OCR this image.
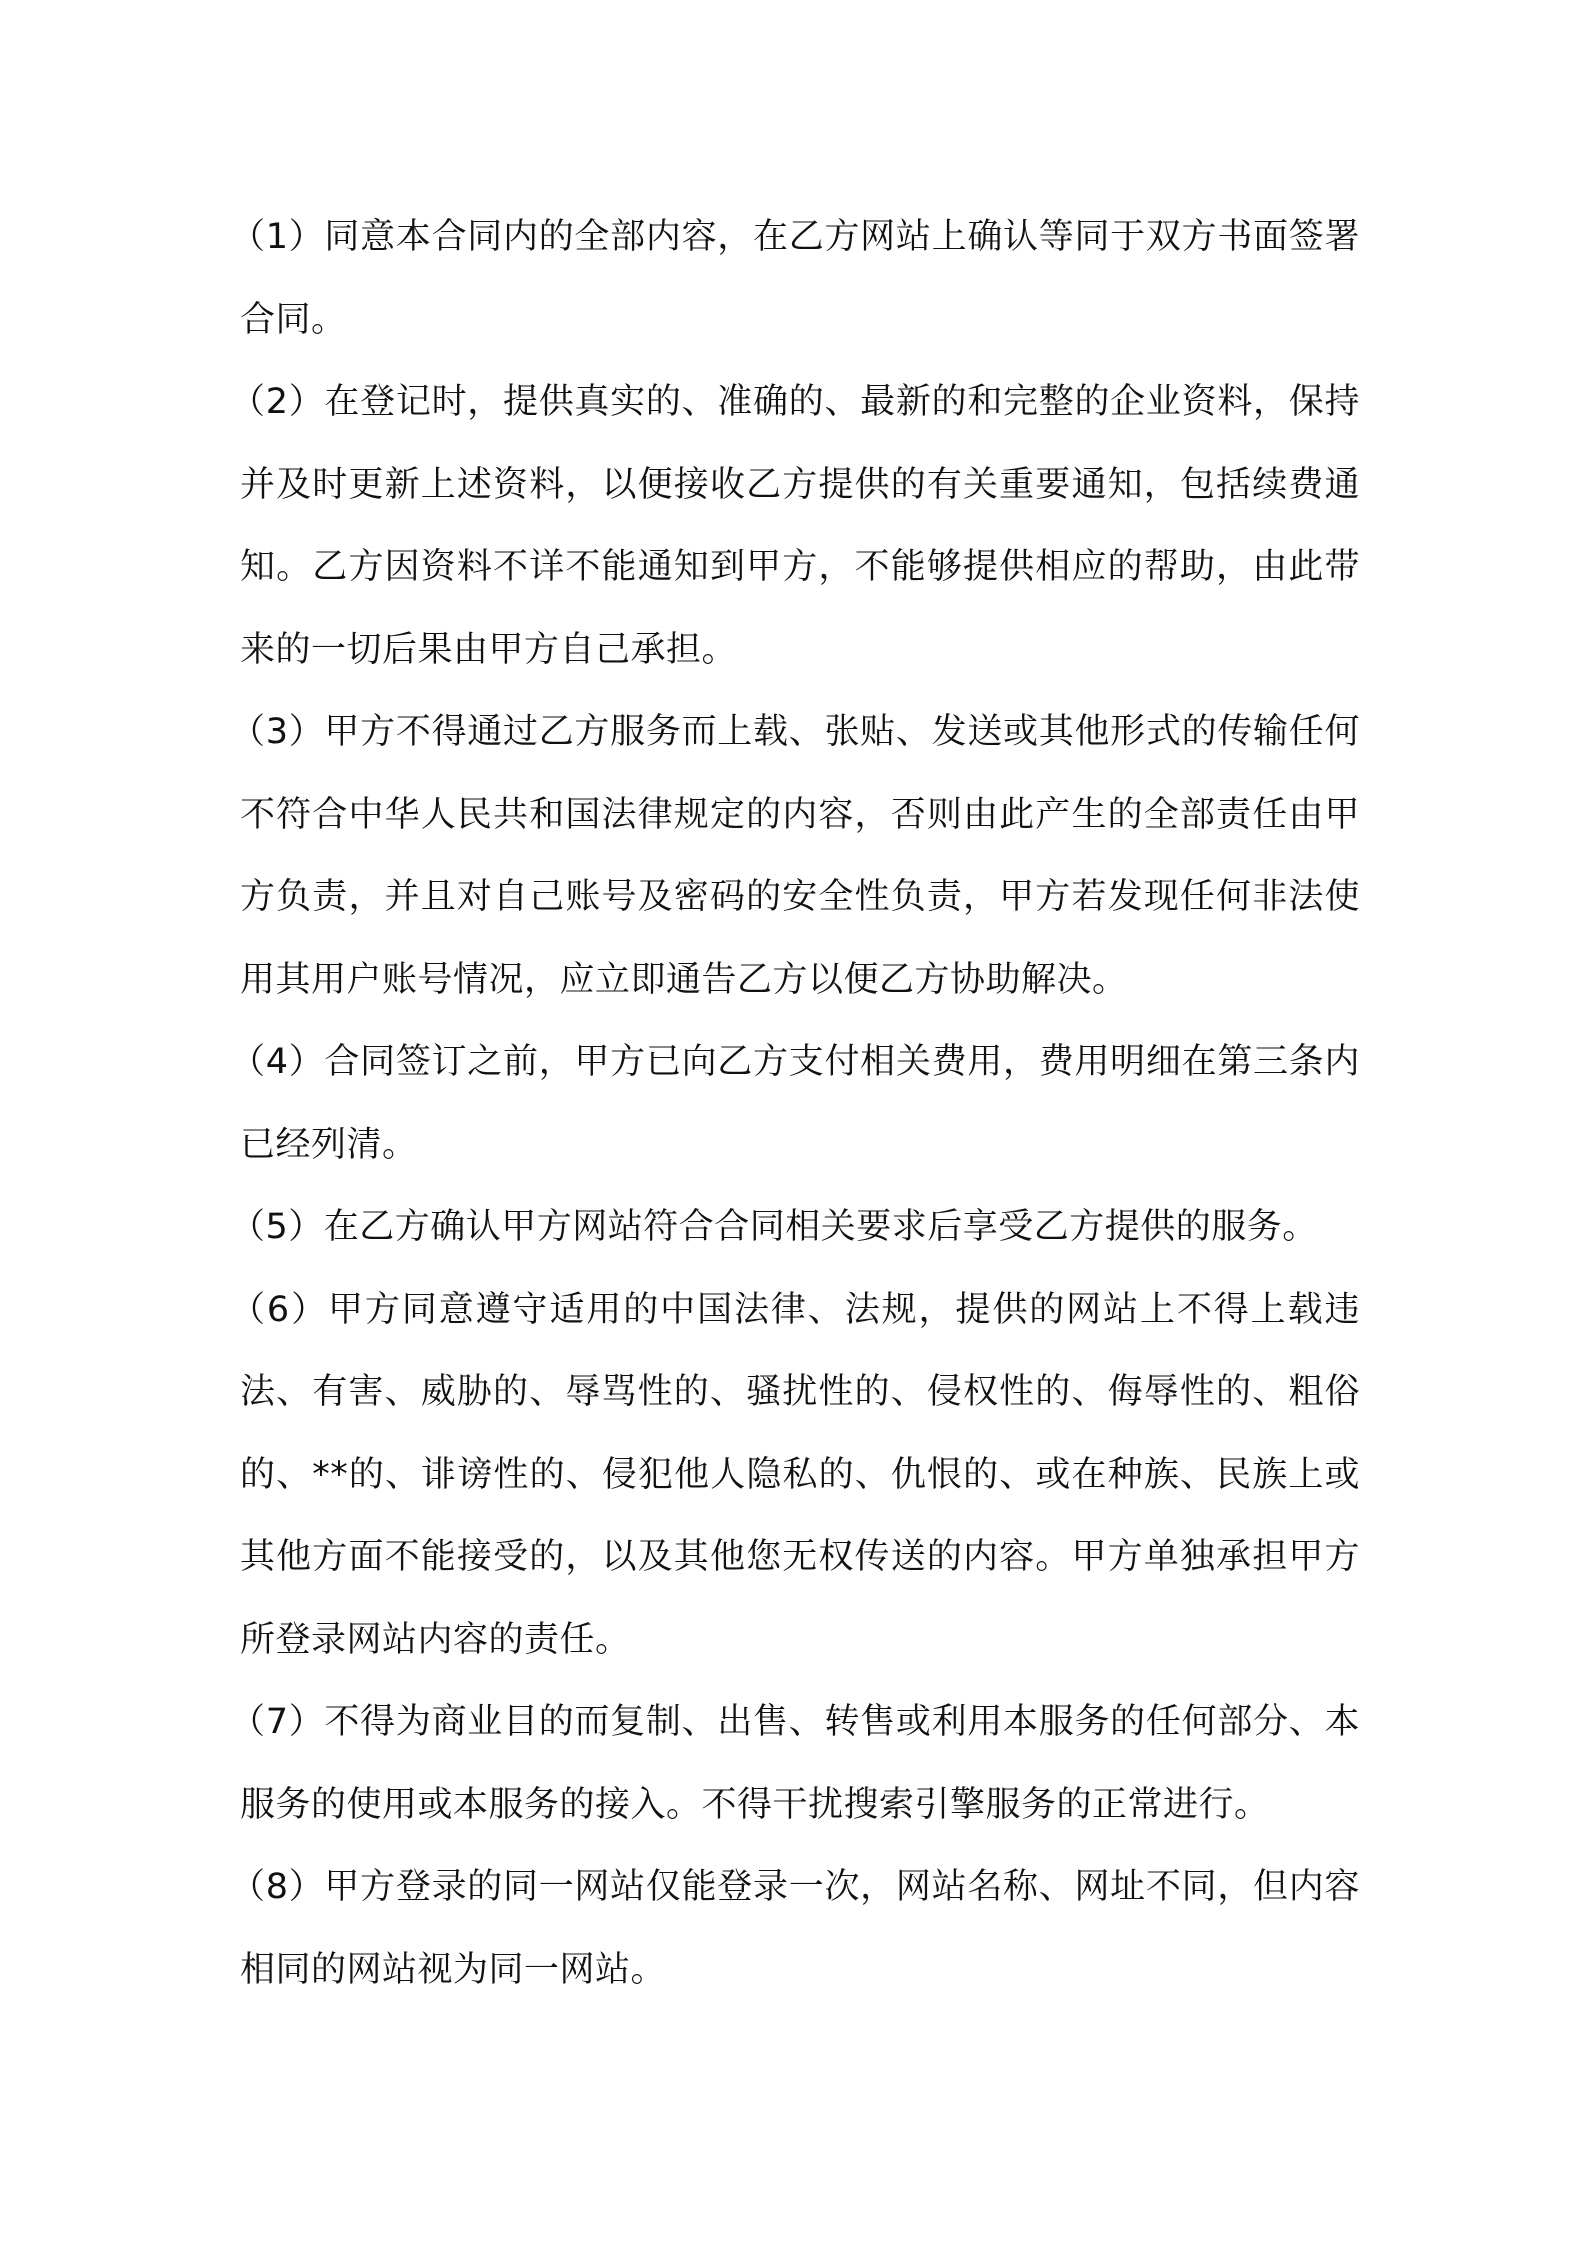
（1）同意本合同内的全部内容，在乙方网站上确认等同于双方书面签署合同。

（2）在登记时，提供真实的、准确的、最新的和完整的企业资料，保持并及时更新上述资料，以便接收乙方提供的有关重要通知，包括续费通知。乙方因资料不详不能通知到甲方，不能够提供相应的帮助，由此带来的一切后果由甲方自己承担。

（3）甲方不得通过乙方服务而上载、张贴、发送或其他形式的传输任何不符合中华人民共和国法律规定的内容，否则由此产生的全部责任由甲方负责，并且对自己账号及密码的安全性负责，甲方若发现任何非法使用其用户账号情况，应立即通告乙方以便乙方协助解决。

（4）合同签订之前，甲方已向乙方支付相关费用，费用明细在第三条内已经列清。

（5）在乙方确认甲方网站符合合同相关要求后享受乙方提供的服务。

（6）甲方同意遵守适用的中国法律、法规，提供的网站上不得上载违法、有害、威胁的、辱骂性的、骚扰性的、侵权性的、侮辱性的、粗俗的、**的、诽谤性的、侵犯他人隐私的、仇恨的、或在种族、民族上或其他方面不能接受的，以及其他您无权传送的内容。甲方单独承担甲方所登录网站内容的责任。

（7）不得为商业目的而复制、出售、转售或利用本服务的任何部分、本服务的使用或本服务的接入。不得干扰搜索引擎服务的正常进行。

（8）甲方登录的同一网站仅能登录一次，网站名称、网址不同，但内容相同的网站视为同一网站。
